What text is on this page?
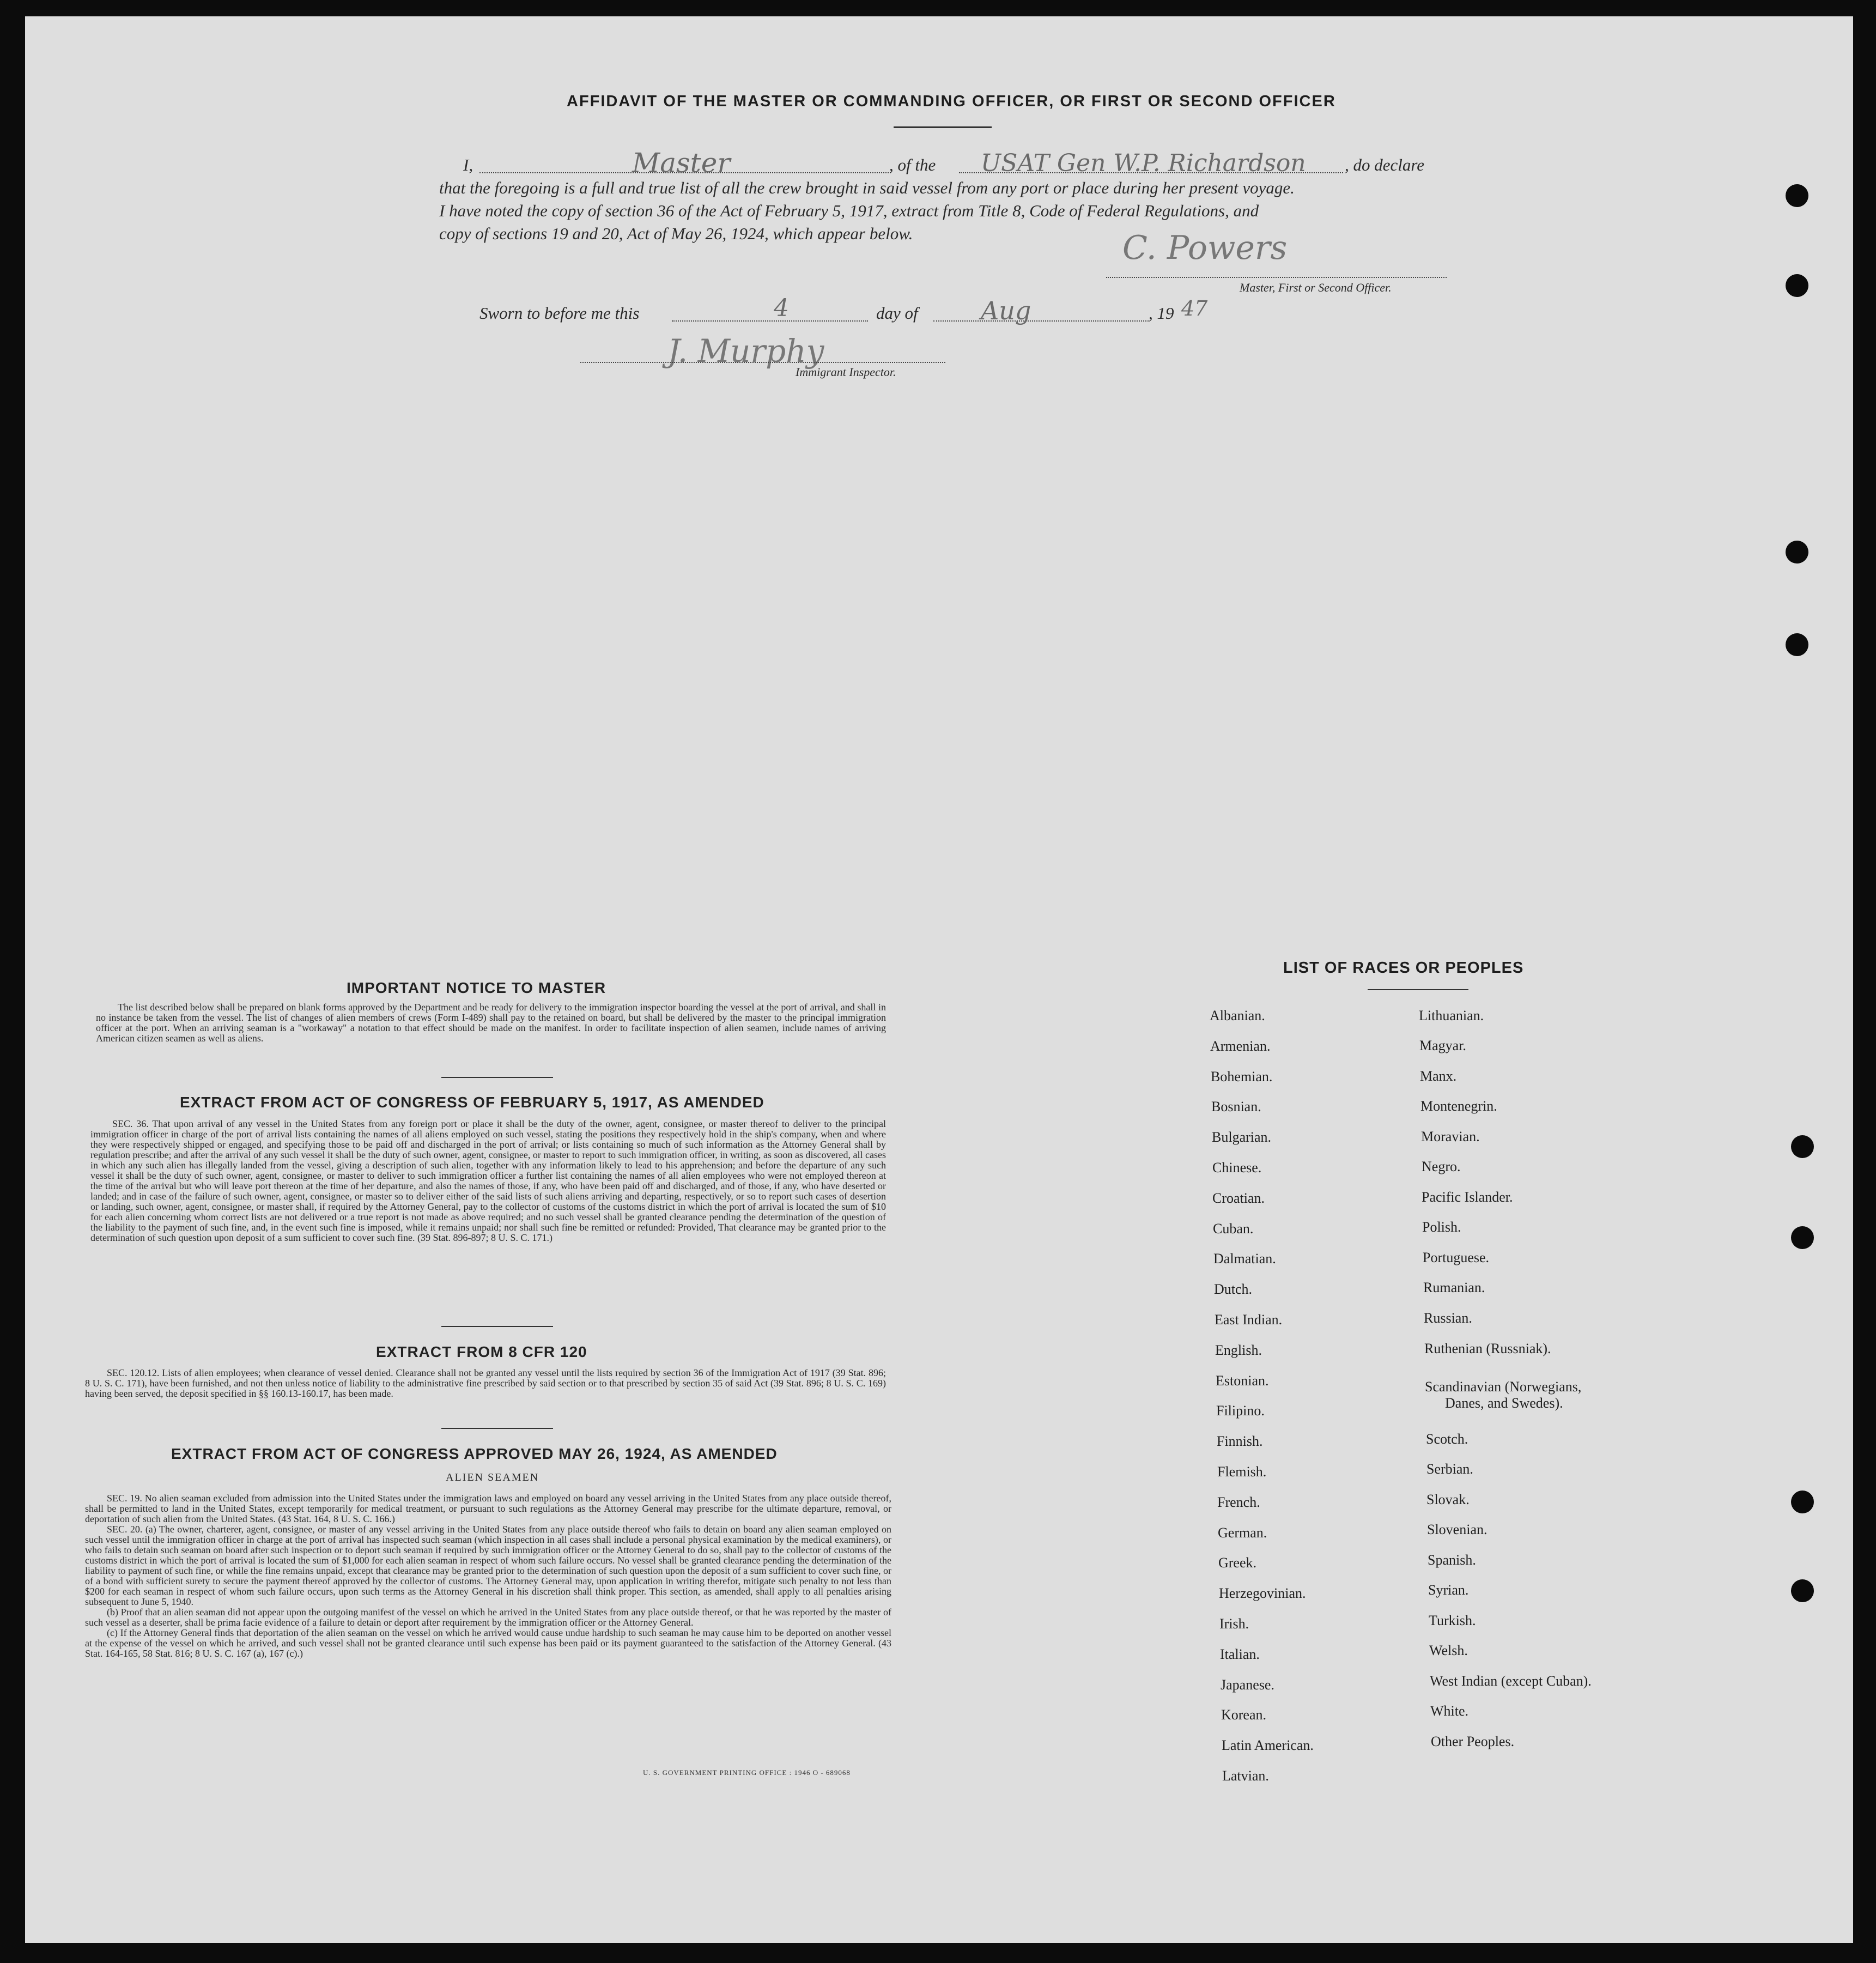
AFFIDAVIT OF THE MASTER OR COMMANDING OFFICER, OR FIRST OR SECOND OFFICER
I,	Master	, of the USAT Gen W.P. Richardson , do declare
that the foregoing is a full and true list of all the crew brought in said vessel from any port or place during her present voyage.
I have noted the copy of section 36 of the Act of February 5, 1917, extract from Title 8, Code of Federal Regulations, and
copy of sections 19 and 20, Act of May 26, 1924, which appear below.	C. Powers
Master, First or Second Officer.
Sworn to before me this	4	day of	Aug	, 19 47
J. Murphy
Immigrant Inspector.
IMPORTANT NOTICE TO MASTER

The list described below shall be prepared on blank forms approved by the Department and be ready for delivery to the immigration inspector boarding the vessel at the port of arrival, and shall in no instance be taken from the vessel. The list of changes of alien members of crews (Form I-489) shall pay to the retained on board, but shall be delivered by the master to the principal immigration officer at the port. When an arriving seaman is a "workaway" a notation to that effect should be made on the manifest. In order to facilitate inspection of alien seamen, include names of arriving American citizen seamen as well as aliens.

EXTRACT FROM ACT OF CONGRESS OF FEBRUARY 5, 1917, AS AMENDED

SEC. 36. That upon arrival of any vessel in the United States from any foreign port or place it shall be the duty of the owner, agent, consignee, or master thereof to deliver to the principal immigration officer in charge of the port of arrival lists containing the names of all aliens employed on such vessel, stating the positions they respectively hold in the ship's company, when and where they were respectively shipped or engaged, and specifying those to be paid off and discharged in the port of arrival; or lists containing so much of such information as the Attorney General shall by regulation prescribe; and after the arrival of any such vessel it shall be the duty of such owner, agent, consignee, or master to report to such immigration officer, in writing, as soon as discovered, all cases in which any such alien has illegally landed from the vessel, giving a description of such alien, together with any information likely to lead to his apprehension; and before the departure of any such vessel it shall be the duty of such owner, agent, consignee, or master to deliver to such immigration officer a further list containing the names of all alien employees who were not employed thereon at the time of the arrival but who will leave port thereon at the time of her departure, and also the names of those, if any, who have been paid off and discharged, and of those, if any, who have deserted or landed; and in case of the failure of such owner, agent, consignee, or master so to deliver either of the said lists of such aliens arriving and departing, respectively, or so to report such cases of desertion or landing, such owner, agent, consignee, or master shall, if required by the Attorney General, pay to the collector of customs of the customs district in which the port of arrival is located the sum of $10 for each alien concerning whom correct lists are not delivered or a true report is not made as above required; and no such vessel shall be granted clearance pending the determination of the question of the liability to the payment of such fine, and, in the event such fine is imposed, while it remains unpaid; nor shall such fine be remitted or refunded: Provided, That clearance may be granted prior to the determination of such question upon deposit of a sum sufficient to cover such fine. (39 Stat. 896-897; 8 U. S. C. 171.)

EXTRACT FROM 8 CFR 120

SEC. 120.12. Lists of alien employees; when clearance of vessel denied. Clearance shall not be granted any vessel until the lists required by section 36 of the Immigration Act of 1917 (39 Stat. 896; 8 U. S. C. 171), have been furnished, and not then unless notice of liability to the administrative fine prescribed by said section or to that prescribed by section 35 of said Act (39 Stat. 896; 8 U. S. C. 169) having been served, the deposit specified in §§ 160.13-160.17, has been made.

EXTRACT FROM ACT OF CONGRESS APPROVED MAY 26, 1924, AS AMENDED
ALIEN SEAMEN

SEC. 19. No alien seaman excluded from admission into the United States under the immigration laws and employed on board any vessel arriving in the United States from any place outside thereof, shall be permitted to land in the United States, except temporarily for medical treatment, or pursuant to such regulations as the Attorney General may prescribe for the ultimate departure, removal, or deportation of such alien from the United States. (43 Stat. 164, 8 U. S. C. 166.)

SEC. 20. (a) The owner, charterer, agent, consignee, or master of any vessel arriving in the United States from any place outside thereof who fails to detain on board any alien seaman employed on such vessel until the immigration officer in charge at the port of arrival has inspected such seaman (which inspection in all cases shall include a personal physical examination by the medical examiners), or who fails to detain such seaman on board after such inspection or to deport such seaman if required by such immigration officer or the Attorney General to do so, shall pay to the collector of customs of the customs district in which the port of arrival is located the sum of $1,000 for each alien seaman in respect of whom such failure occurs. No vessel shall be granted clearance pending the determination of the liability to payment of such fine, or while the fine remains unpaid, except that clearance may be granted prior to the determination of such question upon the deposit of a sum sufficient to cover such fine, or of a bond with sufficient surety to secure the payment thereof approved by the collector of customs. The Attorney General may, upon application in writing therefor, mitigate such penalty to not less than $200 for each seaman in respect of whom such failure occurs, upon such terms as the Attorney General in his discretion shall think proper. This section, as amended, shall apply to all penalties arising subsequent to June 5, 1940.

(b) Proof that an alien seaman did not appear upon the outgoing manifest of the vessel on which he arrived in the United States from any place outside thereof, or that he was reported by the master of such vessel as a deserter, shall be prima facie evidence of a failure to detain or deport after requirement by the immigration officer or the Attorney General.

(c) If the Attorney General finds that deportation of the alien seaman on the vessel on which he arrived would cause undue hardship to such seaman he may cause him to be deported on another vessel at the expense of the vessel on which he arrived, and such vessel shall not be granted clearance until such expense has been paid or its payment guaranteed to the satisfaction of the Attorney General. (43 Stat. 164-165, 58 Stat. 816; 8 U. S. C. 167 (a), 167 (c).)

U. S. GOVERNMENT PRINTING OFFICE : 1946 O - 689068
LIST OF RACES OR PEOPLES
Albanian.
Armenian.
Bohemian.
Bosnian.
Bulgarian.
Chinese.
Croatian.
Cuban.
Dalmatian.
Dutch.
East Indian.
English.
Estonian.
Filipino.
Finnish.
Flemish.
French.
German.
Greek.
Herzegovinian.
Irish.
Italian.
Japanese.
Korean.
Latin American.
Latvian.
Lithuanian.
Magyar.
Manx.
Montenegrin.
Moravian.
Negro.
Pacific Islander.
Polish.
Portuguese.
Rumanian.
Russian.
Ruthenian (Russniak).
Scandinavian (Norwegians,
Danes, and Swedes).
Scotch.
Serbian.
Slovak.
Slovenian.
Spanish.
Syrian.
Turkish.
Welsh.
West Indian (except Cuban).
White.
Other Peoples.
